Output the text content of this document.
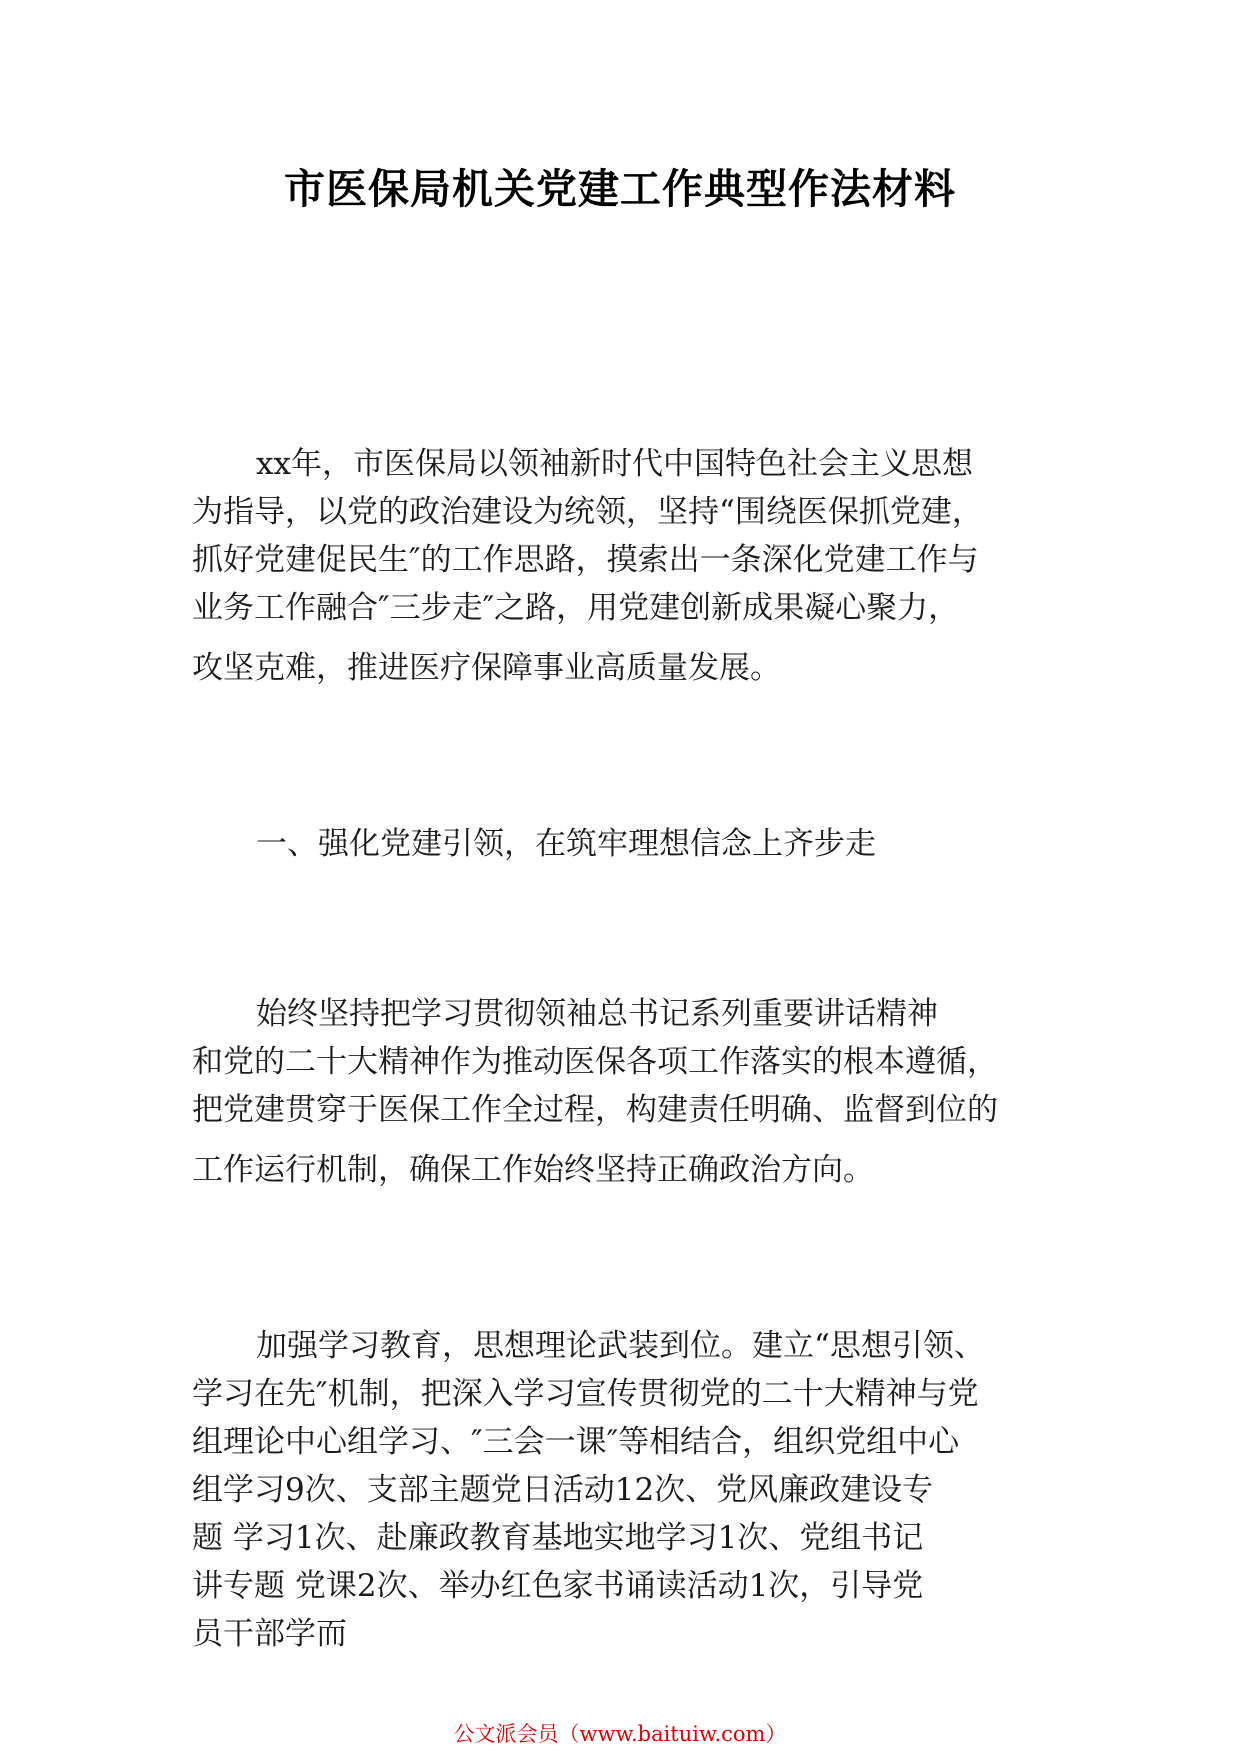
市医保局机关党建工作典型作法材料
xx年，市医保局以领袖新时代中国特色社会主义思想
为指导，以党的政治建设为统领，坚持“围绕医保抓党建，
抓好党建促民生″的工作思路，摸索出一条深化党建工作与
业务工作融合″三步走″之路，用党建创新成果凝心聚力，
攻坚克难，推进医疗保障事业高质量发展。
一、强化党建引领，在筑牢理想信念上齐步走
始终坚持把学习贯彻领袖总书记系列重要讲话精神
和党的二十大精神作为推动医保各项工作落实的根本遵循，
把党建贯穿于医保工作全过程，构建责任明确、监督到位的
工作运行机制，确保工作始终坚持正确政治方向。
加强学习教育，思想理论武装到位。建立“思想引领、
学习在先″机制，把深入学习宣传贯彻党的二十大精神与党
组理论中心组学习、″三会一课″等相结合，组织党组中心
组学习9次、支部主题党日活动12次、党风廉政建设专
题 学习1次、赴廉政教育基地实地学习1次、党组书记
讲专题 党课2次、举办红色家书诵读活动1次，引导党
员干部学而
公文派会员（www.baituiw.com）
